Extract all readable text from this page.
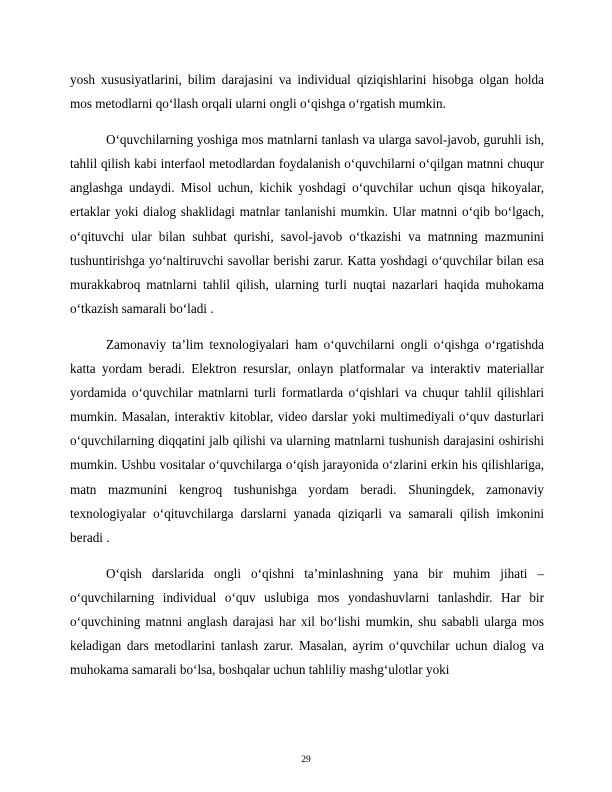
yosh xususiyatlarini, bilim darajasini va individual qiziqishlarini hisobga olgan holda mos metodlarni qo‘llash orqali ularni ongli o‘qishga o‘rgatish mumkin.

O‘quvchilarning yoshiga mos matnlarni tanlash va ularga savol-javob, guruhli ish, tahlil qilish kabi interfaol metodlardan foydalanish o‘quvchilarni o‘qilgan matnni chuqur anglashga undaydi. Misol uchun, kichik yoshdagi o‘quvchilar uchun qisqa hikoyalar, ertaklar yoki dialog shaklidagi matnlar tanlanishi mumkin. Ular matnni o‘qib bo‘lgach, o‘qituvchi ular bilan suhbat qurishi, savol-javob o‘tkazishi va matnning mazmunini tushuntirishga yo‘naltiruvchi savollar berishi zarur. Katta yoshdagi o‘quvchilar bilan esa murakkabroq matnlarni tahlil qilish, ularning turli nuqtai nazarlari haqida muhokama o‘tkazish samarali bo‘ladi .

Zamonaviy ta’lim texnologiyalari ham o‘quvchilarni ongli o‘qishga o‘rgatishda katta yordam beradi. Elektron resurslar, onlayn platformalar va interaktiv materiallar yordamida o‘quvchilar matnlarni turli formatlarda o‘qishlari va chuqur tahlil qilishlari mumkin. Masalan, interaktiv kitoblar, video darslar yoki multimediyali o‘quv dasturlari o‘quvchilarning diqqatini jalb qilishi va ularning matnlarni tushunish darajasini oshirishi mumkin. Ushbu vositalar o‘quvchilarga o‘qish jarayonida o‘zlarini erkin his qilishlariga, matn mazmunini kengroq tushunishga yordam beradi. Shuningdek, zamonaviy texnologiyalar o‘qituvchilarga darslarni yanada qiziqarli va samarali qilish imkonini beradi .

O‘qish darslarida ongli o‘qishni ta’minlashning yana bir muhim jihati – o‘quvchilarning individual o‘quv uslubiga mos yondashuvlarni tanlashdir. Har bir o‘quvchining matnni anglash darajasi har xil bo‘lishi mumkin, shu sababli ularga mos keladigan dars metodlarini tanlash zarur. Masalan, ayrim o‘quvchilar uchun dialog va muhokama samarali bo‘lsa, boshqalar uchun tahliliy mashg‘ulotlar yoki

29
